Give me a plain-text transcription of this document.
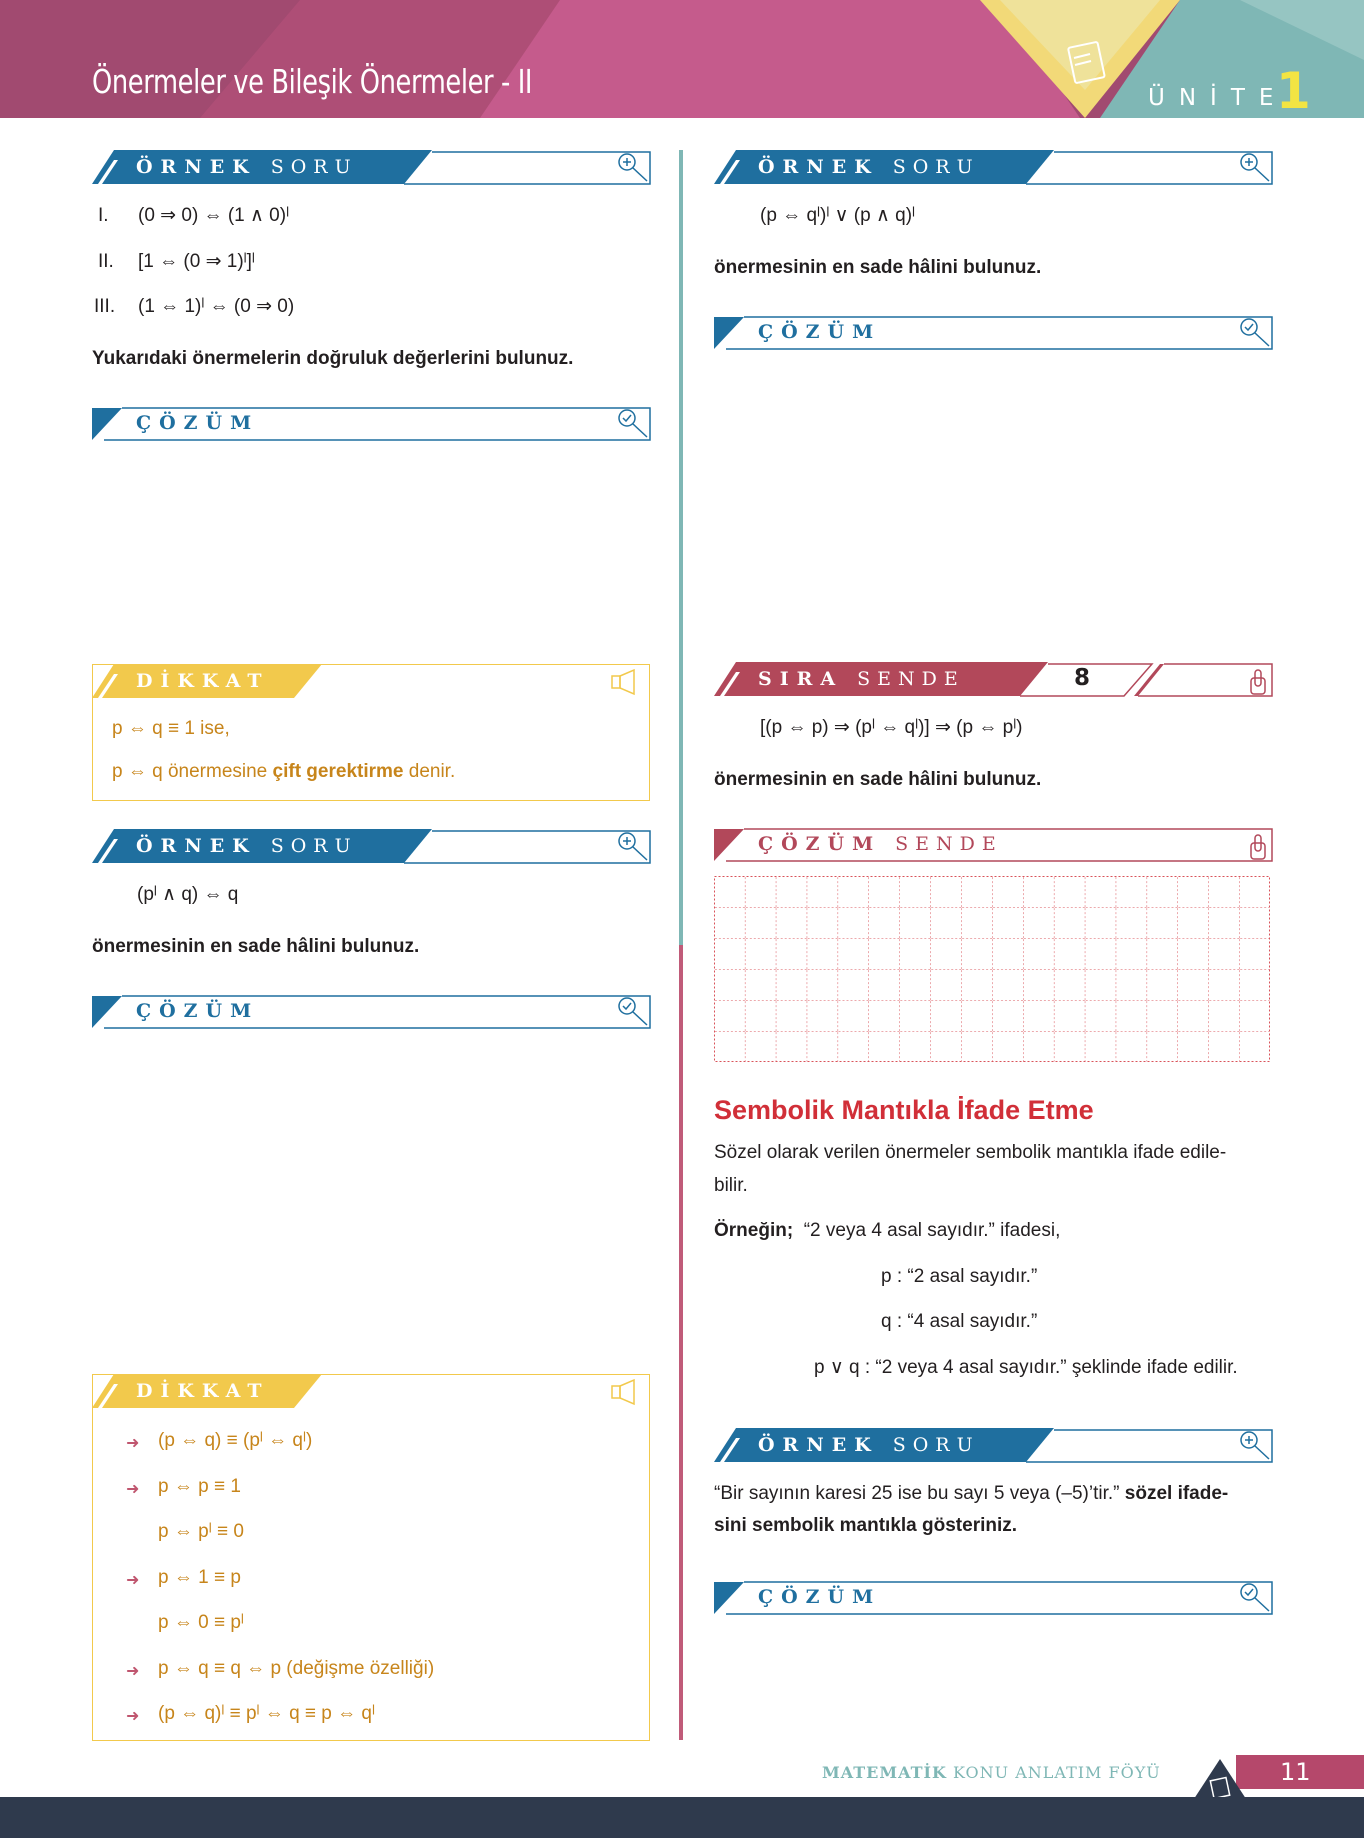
Önermeler ve Bileşik Önermeler - II	ÜNİTE
1
ÖRNEK SORU
I. (0 ⇒ 0) ⇔ (1 ∧ 0)ˡ
II. [1 ⇔ (0 ⇒ 1)ˡ]ˡ
III. (1 ⇔ 1)ˡ ⇔ (0 ⇒ 0)
Yukarıdaki önermelerin doğruluk değerlerini bulunuz.
ÇÖZÜM
DİKKAT
p ⇔ q ≡ 1 ise,
p ⇔ q önermesine çift gerektirme denir.
ÖRNEK SORU
(pˡ ∧ q) ⇔ q
önermesinin en sade hâlini bulunuz.
ÇÖZÜM
DİKKAT
➜ (p ⇔ q) ≡ (pˡ ⇔ qˡ)
➜ p ⇔ p ≡ 1
p ⇔ pˡ ≡ 0
➜ p ⇔ 1 ≡ p
p ⇔ 0 ≡ pˡ
➜ p ⇔ q ≡ q ⇔ p (değişme özelliği)
➜ (p ⇔ q)ˡ ≡ pˡ ⇔ q ≡ p ⇔ qˡ
ÖRNEK SORU
(p ⇔ qˡ)ˡ ∨ (p ∧ q)ˡ
önermesinin en sade hâlini bulunuz.
ÇÖZÜM
SIRA SENDE	8
[(p ⇔ p) ⇒ (pˡ ⇔ qˡ)] ⇒ (p ⇔ pˡ)
önermesinin en sade hâlini bulunuz.
ÇÖZÜM SENDE
Sembolik Mantıkla İfade Etme
Sözel olarak verilen önermeler sembolik mantıkla ifade edile-
bilir.
Örneğin; “2 veya 4 asal sayıdır.” ifadesi,
p : “2 asal sayıdır.”
q : “4 asal sayıdır.”
p ∨ q : “2 veya 4 asal sayıdır.” şeklinde ifade edilir.
ÖRNEK SORU
“Bir sayının karesi 25 ise bu sayı 5 veya (–5)’tir.” sözel ifade-
sini sembolik mantıkla gösteriniz.
ÇÖZÜM
MATEMATİK KONU ANLATIM FÖYÜ	11
